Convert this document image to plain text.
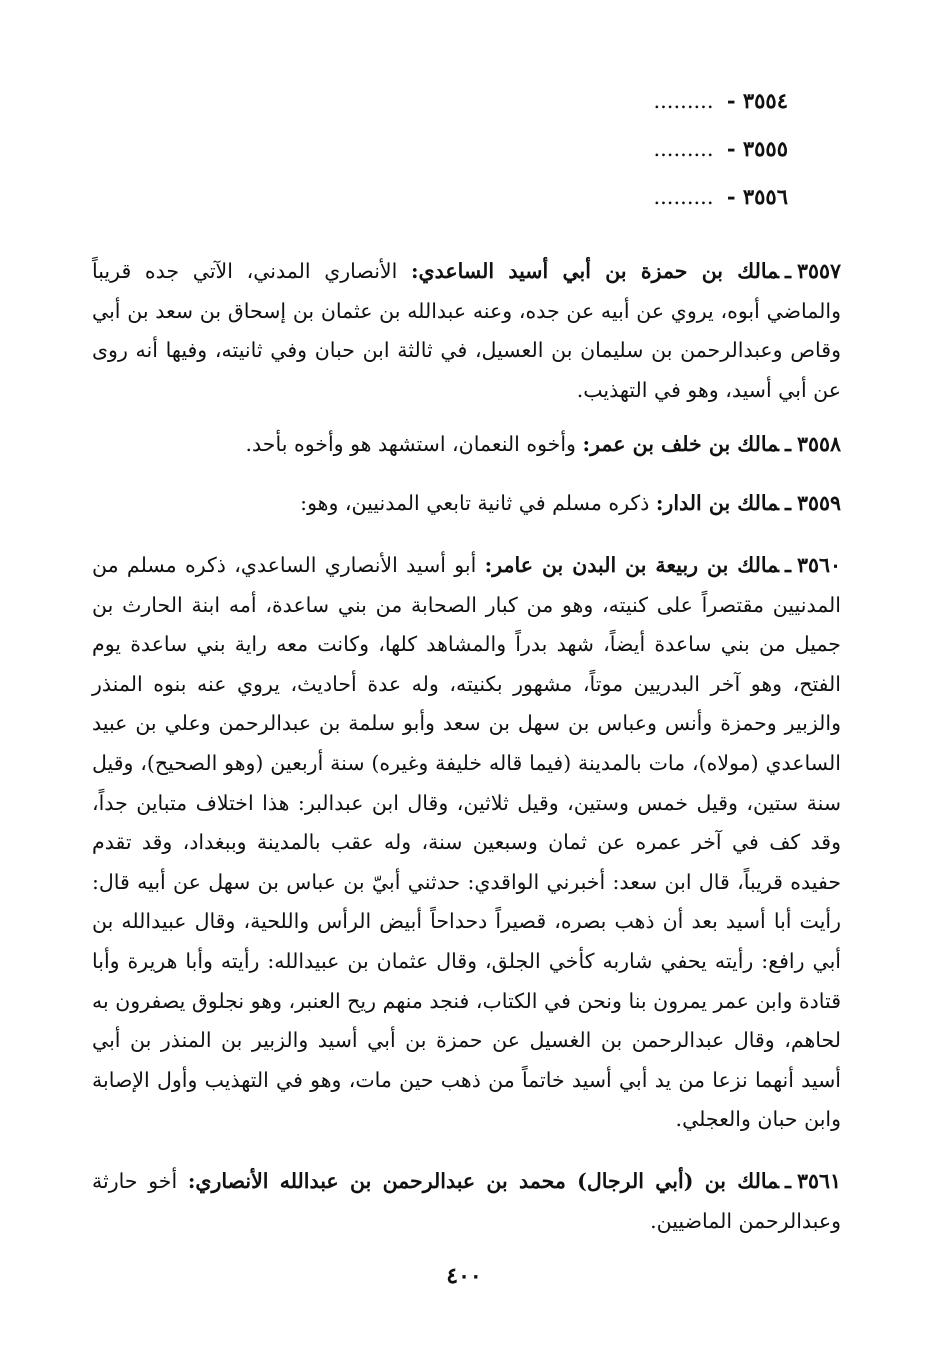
٣٥٥٤ - .........
٣٥٥٥ - .........
٣٥٥٦ - .........
٣٥٥٧ـمالك بن حمزة بن أبي أسيد الساعدي: الأنصاري المدني، الآتي جده قريباً والماضي أبوه، يروي عن أبيه عن جده، وعنه عبدالله بن عثمان بن إسحاق بن سعد بن أبي وقاص وعبدالرحمن بن سليمان بن العسيل، في ثالثة ابن حبان وفي ثانيته، وفيها أنه روى عن أبي أسيد، وهو في التهذيب.
٣٥٥٨ـمالك بن خلف بن عمر: وأخوه النعمان، استشهد هو وأخوه بأحد.
٣٥٥٩ـمالك بن الدار: ذكره مسلم في ثانية تابعي المدنيين، وهو:
٣٥٦٠ـمالك بن ربيعة بن البدن بن عامر: أبو أسيد الأنصاري الساعدي، ذكره مسلم من المدنيين مقتصراً على كنيته، وهو من كبار الصحابة من بني ساعدة، أمه ابنة الحارث بن جميل من بني ساعدة أيضاً، شهد بدراً والمشاهد كلها، وكانت معه راية بني ساعدة يوم الفتح، وهو آخر البدريين موتاً، مشهور بكنيته، وله عدة أحاديث، يروي عنه بنوه المنذر والزبير وحمزة وأنس وعباس بن سهل بن سعد وأبو سلمة بن عبدالرحمن وعلي بن عبيد الساعدي (مولاه)، مات بالمدينة (فيما قاله خليفة وغيره) سنة أربعين (وهو الصحيح)، وقيل سنة ستين، وقيل خمس وستين، وقيل ثلاثين، وقال ابن عبدالبر: هذا اختلاف متباين جداً، وقد كف في آخر عمره عن ثمان وسبعين سنة، وله عقب بالمدينة وببغداد، وقد تقدم حفيده قريباً، قال ابن سعد: أخبرني الواقدي: حدثني أبيّ بن عباس بن سهل عن أبيه قال: رأيت أبا أسيد بعد أن ذهب بصره، قصيراً دحداحاً أبيض الرأس واللحية، وقال عبيدالله بن أبي رافع: رأيته يحفي شاربه كأخي الجلق، وقال عثمان بن عبيدالله: رأيته وأبا هريرة وأبا قتادة وابن عمر يمرون بنا ونحن في الكتاب، فنجد منهم ريح العنبر، وهو نجلوق يصفرون به لحاهم، وقال عبدالرحمن بن الغسيل عن حمزة بن أبي أسيد والزبير بن المنذر بن أبي أسيد أنهما نزعا من يد أبي أسيد خاتماً من ذهب حين مات، وهو في التهذيب وأول الإصابة وابن حبان والعجلي.
٣٥٦١ـمالك بن (أبي الرجال) محمد بن عبدالرحمن بن عبدالله الأنصاري: أخو حارثة وعبدالرحمن الماضيين.
٤٠٠
